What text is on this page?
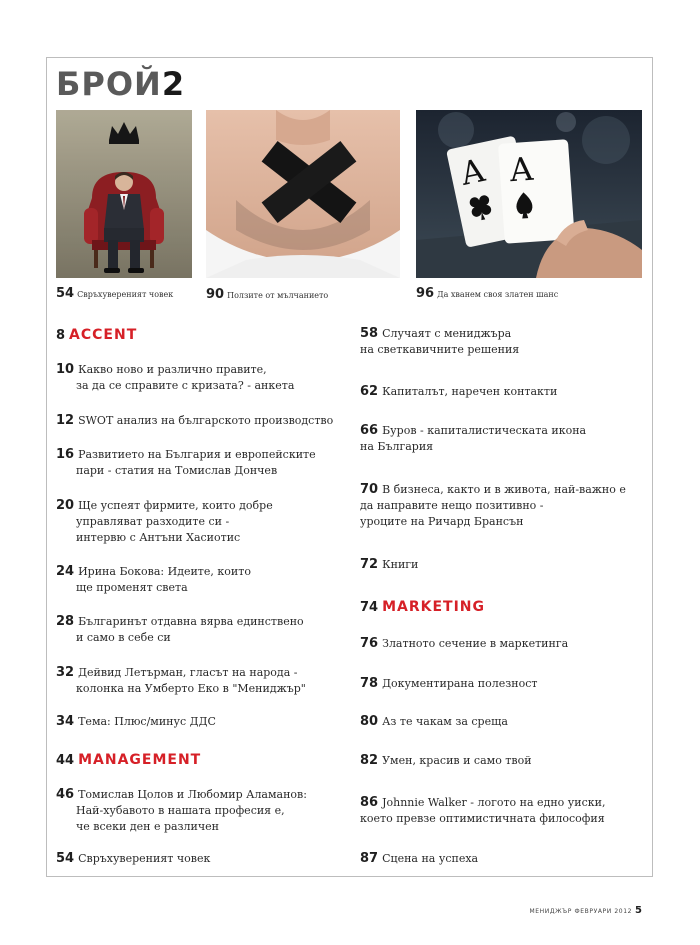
БРОЙ2
A A
54 Свръхувереният човек	90 Ползите от мълчанието	96 Да хванем своя златен шанс
8 ACCENT
10 Какво ново и различно правите,
за да се справите с кризата? - анкета
12 SWOT анализ на българското производство
16 Развитието на България и европейските
пари - статия на Томислав Дончев
20 Ще успеят фирмите, които добре
управляват разходите си -
интервю с Антъни Хасиотис
24 Ирина Бокова: Идеите, които
ще променят света
28 Българинът отдавна вярва единствено
и само в себе си
32 Дейвид Летърман, гласът на народа -
колонка на Умберто Еко в "Мениджър"
34 Тема: Плюс/минус ДДС
44 MANAGEMENT
46 Томислав Цолов и Любомир Аламанов:
Най-хубавото в нашата професия е,
че всеки ден е различен
54 Свръхувереният човек
58 Случаят с мениджъра
на светкавичните решения
62 Капиталът, наречен контакти
66 Буров - капиталистическата икона
на България
70 В бизнеса, както и в живота, най-важно е
да направите нещо позитивно -
уроците на Ричард Брансън
72 Книги
74 MARKETING
76 Златното сечение в маркетинга
78 Документирана полезност
80 Аз те чакам за среща
82 Умен, красив и само твой
86 Johnnie Walker - логото на едно уиски,
което превзе оптимистичната философия
87 Сцена на успеха
МЕНИДЖЪР ФЕВРУАРИ 2012 5
